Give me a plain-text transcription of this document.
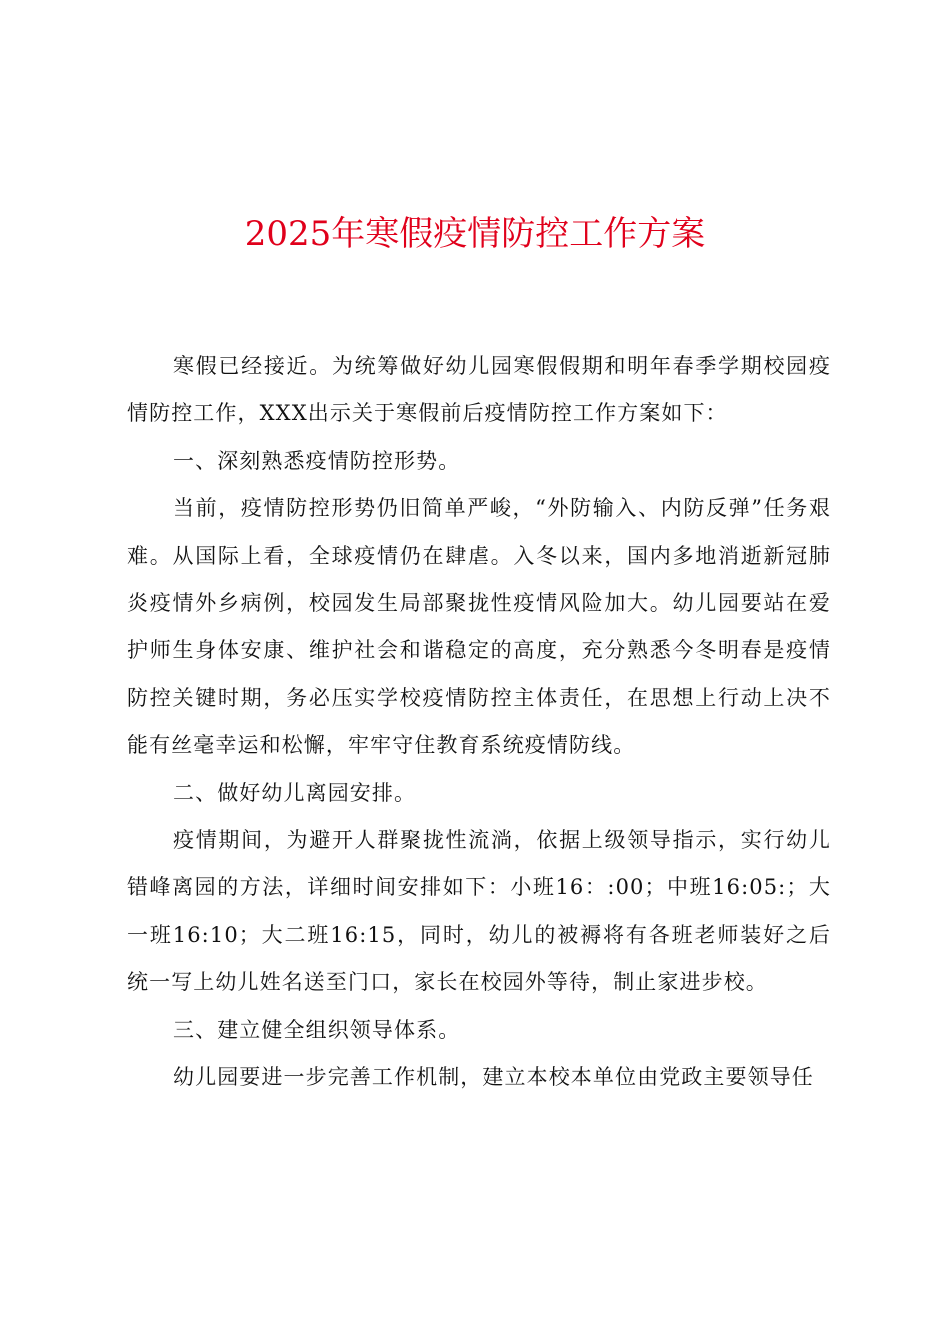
2025年寒假疫情防控工作方案

寒假已经接近。为统筹做好幼儿园寒假假期和明年春季学期校园疫情防控工作，XXX出示关于寒假前后疫情防控工作方案如下：

一、深刻熟悉疫情防控形势。

当前，疫情防控形势仍旧简单严峻，“外防输入、内防反弹”任务艰难。从国际上看，全球疫情仍在肆虐。入冬以来，国内多地消逝新冠肺炎疫情外乡病例，校园发生局部聚拢性疫情风险加大。幼儿园要站在爱护师生身体安康、维护社会和谐稳定的高度，充分熟悉今冬明春是疫情防控关键时期，务必压实学校疫情防控主体责任，在思想上行动上决不能有丝毫幸运和松懈，牢牢守住教育系统疫情防线。

二、做好幼儿离园安排。

疫情期间，为避开人群聚拢性流淌，依据上级领导指示，实行幼儿错峰离园的方法，详细时间安排如下：小班16：:00；中班16:05:；大一班16:10；大二班16:15，同时，幼儿的被褥将有各班老师装好之后统一写上幼儿姓名送至门口，家长在校园外等待，制止家进步校。

三、建立健全组织领导体系。

幼儿园要进一步完善工作机制，建立本校本单位由党政主要领导任
